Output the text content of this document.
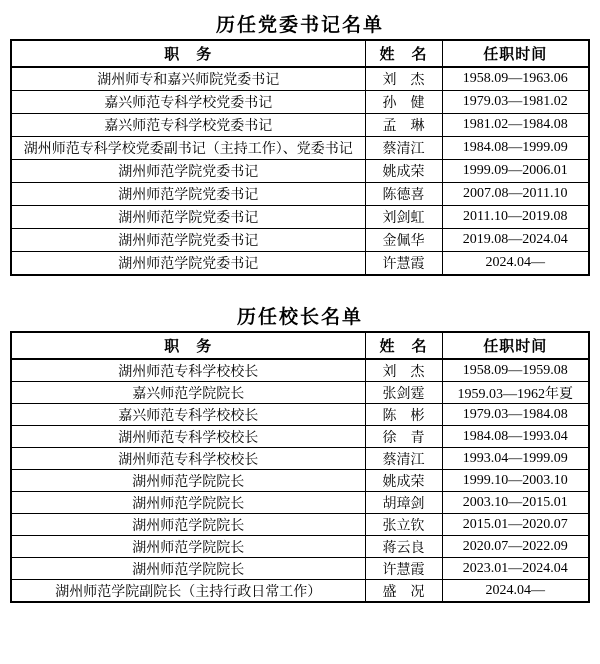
历任党委书记名单
职　务	姓　名	任职时间
湖州师专和嘉兴师院党委书记	刘　杰	1958.09—1963.06
嘉兴师范专科学校党委书记	孙　健	1979.03—1981.02
嘉兴师范专科学校党委书记	孟　琳	1981.02—1984.08
湖州师范专科学校党委副书记（主持工作）、党委书记	蔡清江	1984.08—1999.09
湖州师范学院党委书记	姚成荣	1999.09—2006.01
湖州师范学院党委书记	陈德喜	2007.08—2011.10
湖州师范学院党委书记	刘剑虹	2011.10—2019.08
湖州师范学院党委书记	金佩华	2019.08—2024.04
湖州师范学院党委书记	许慧霞	2024.04—
历任校长名单
职　务	姓　名	任职时间
湖州师范专科学校校长	刘　杰	1958.09—1959.08
嘉兴师范学院院长	张剑霆	1959.03—1962年夏
嘉兴师范专科学校校长	陈　彬	1979.03—1984.08
湖州师范专科学校校长	徐　青	1984.08—1993.04
湖州师范专科学校校长	蔡清江	1993.04—1999.09
湖州师范学院院长	姚成荣	1999.10—2003.10
湖州师范学院院长	胡璋剑	2003.10—2015.01
湖州师范学院院长	张立钦	2015.01—2020.07
湖州师范学院院长	蒋云良	2020.07—2022.09
湖州师范学院院长	许慧霞	2023.01—2024.04
湖州师范学院副院长（主持行政日常工作）	盛　况	2024.04—
